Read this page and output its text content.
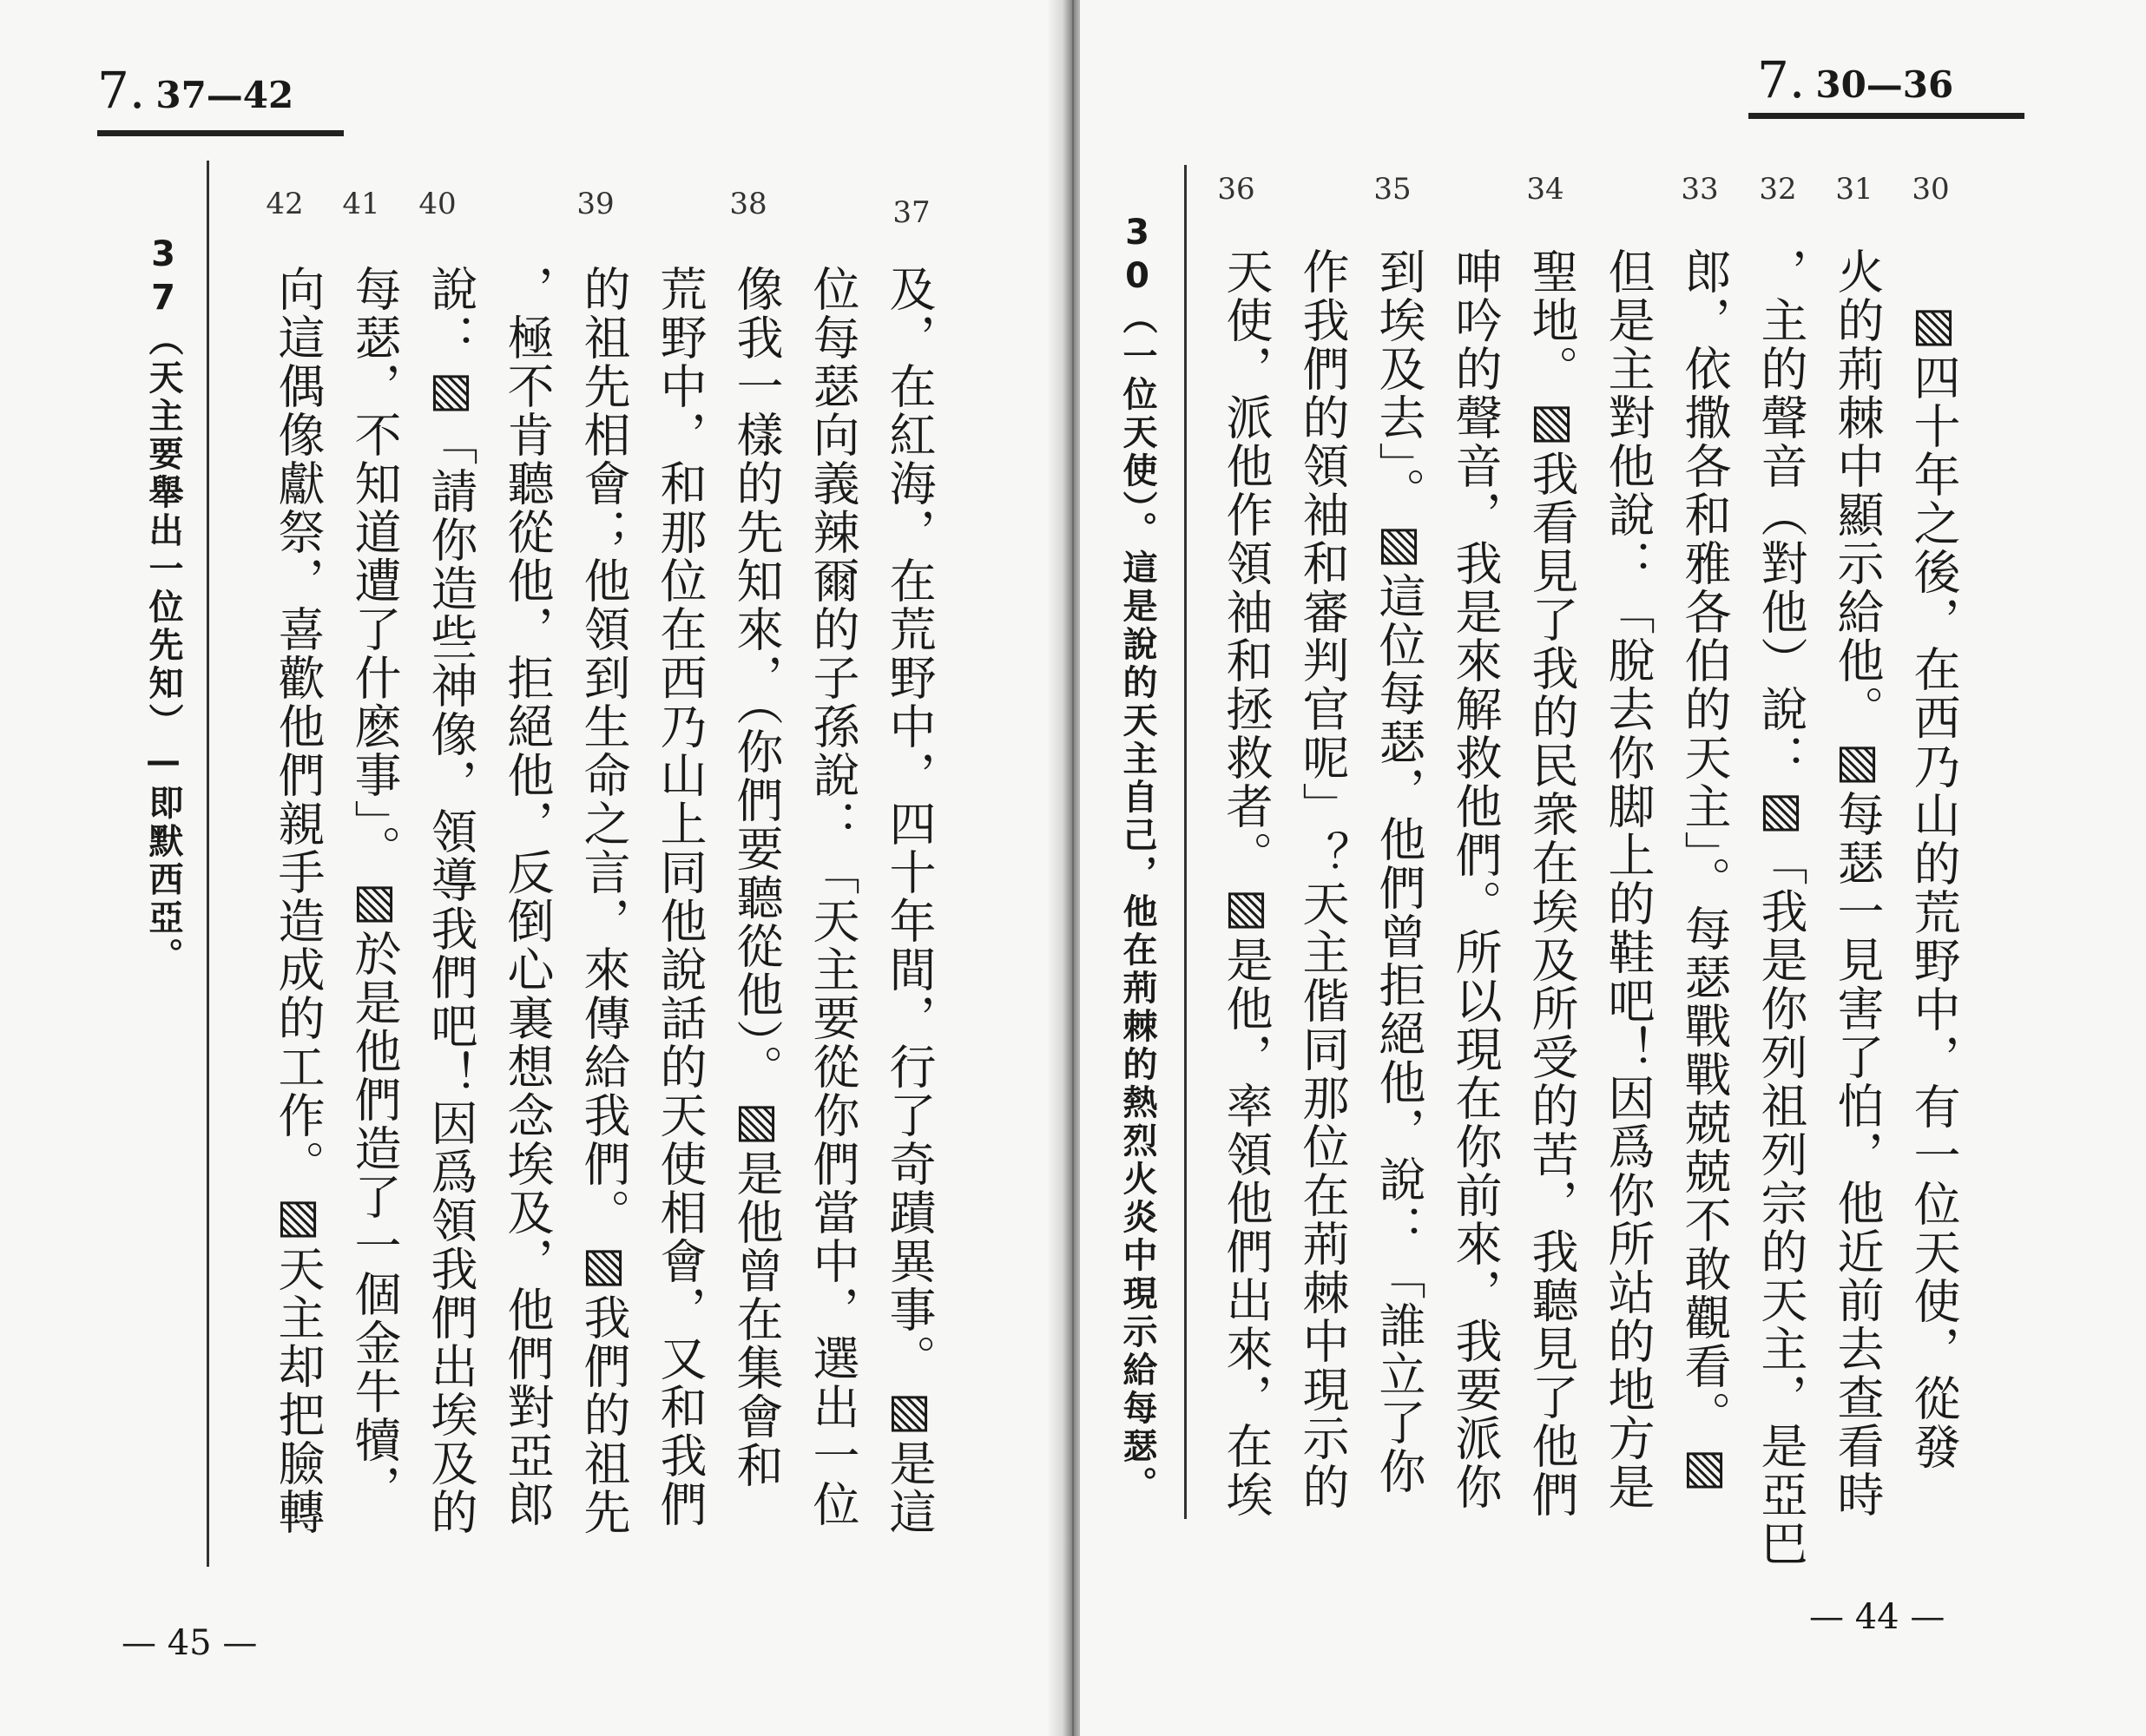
7. 37—42
42 41 40	39	38	37
及，在紅海，在荒野中，四十年間，行了奇蹟異事。▧是這
位每瑟向義辣爾的子孫說：「天主要從你們當中，選出一位
像我一樣的先知來，（你們要聽從他）。▧是他曾在集會和
荒野中，和那位在西乃山上同他說話的天使相會，又和我們
的祖先相會；他領到生命之言，來傳給我們。▧我們的祖先
，極不肯聽從他，拒絕他，反倒心裏想念埃及，他們對亞郎
說：▧「請你造些神像，領導我們吧！因爲領我們出埃及的
每瑟，不知道遭了什麽事」。▧於是他們造了一個金牛犢，
向這偶像獻祭，喜歡他們親手造成的工作。▧天主却把臉轉
37（天主要舉出一位先知）—即默西亞。
— 45 —
7. 30—36
36	35	34	33 32 31 30
▧四十年之後，在西乃山的荒野中，有一位天使，從發
火的荊棘中顯示給他。▧每瑟一見害了怕，他近前去查看時
，主的聲音（對他）說：▧「我是你列祖列宗的天主，是亞巴
郎，依撒各和雅各伯的天主」。每瑟戰戰兢兢不敢觀看。▧
但是主對他說：「脫去你脚上的鞋吧！因爲你所站的地方是
聖地。▧我看見了我的民衆在埃及所受的苦，我聽見了他們
呻吟的聲音，我是來解救他們。所以現在你前來，我要派你
到埃及去」。▧這位每瑟，他們曾拒絕他，說：「誰立了你
作我們的領袖和審判官呢」？天主偕同那位在荊棘中現示的
天使，派他作領袖和拯救者。▧是他，率領他們出來，在埃
30（一位天使）。這是說的天主自己，他在荊棘的熱烈火炎中現示給每瑟。
— 44 —
